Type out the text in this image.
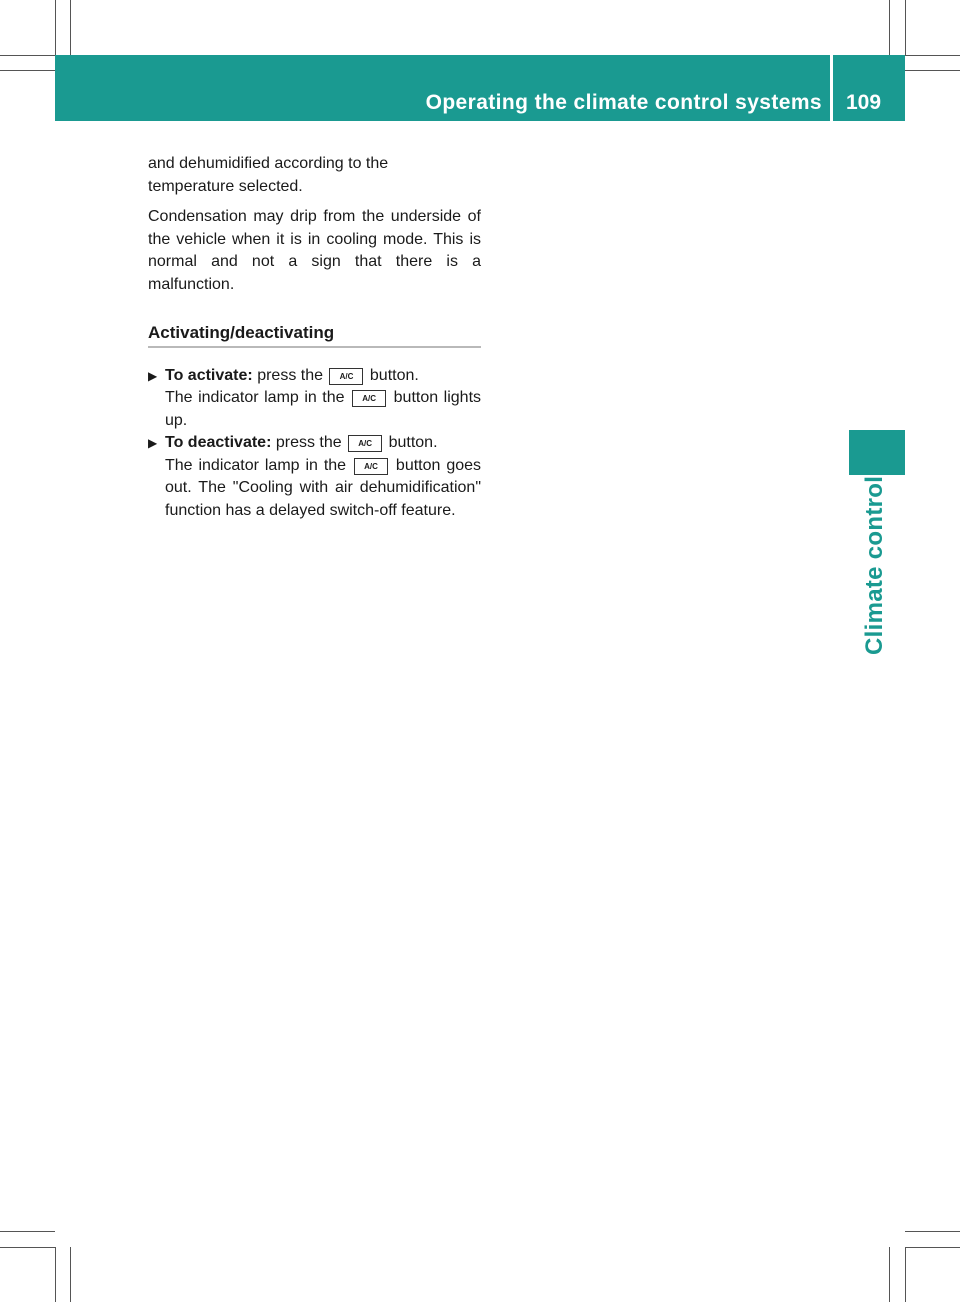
Operating the climate control systems 109
Climate control

and dehumidified according to the temperature selected.

Condensation may drip from the underside of the vehicle when it is in cooling mode. This is normal and not a sign that there is a malfunction.

Activating/deactivating
▶ To activate: press the A/C button.
The indicator lamp in the A/C button lights up.
▶ To deactivate: press the A/C button.
The indicator lamp in the A/C button goes out. The "Cooling with air dehumidification" function has a delayed switch-off feature.
